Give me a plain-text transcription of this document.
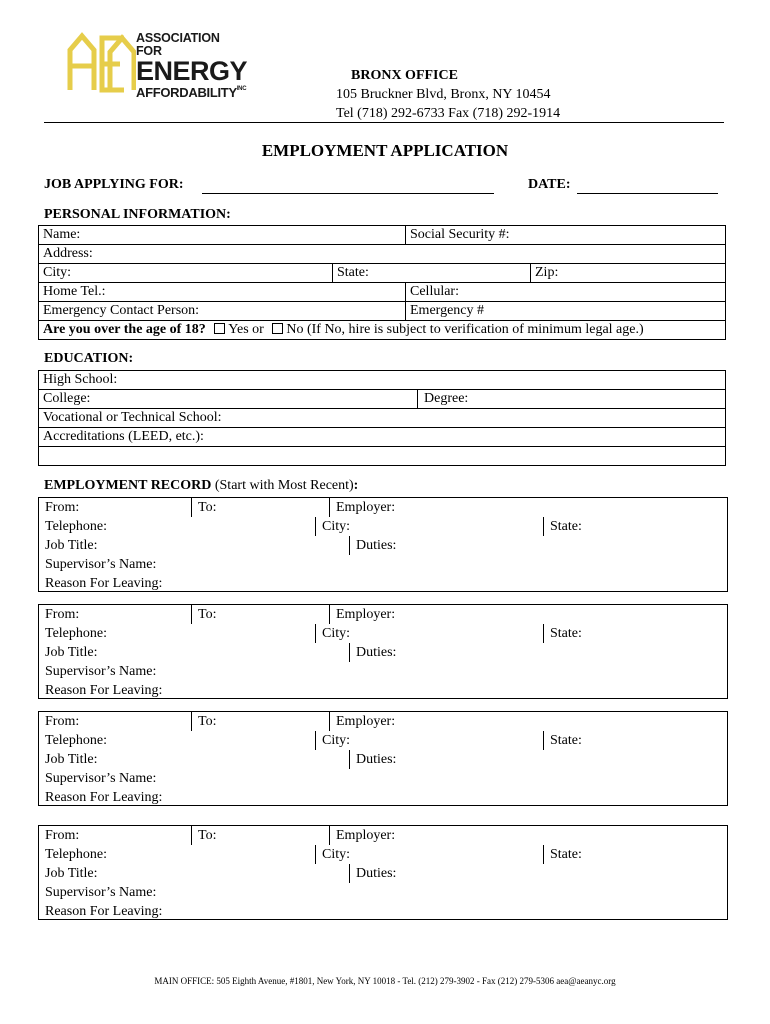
ASSOCIATION FOR
ENERGY
$AFFORDABILITY^{INC}$
BRONX OFFICE
105 Bruckner Blvd, Bronx, NY 10454
Tel (718) 292-6733 Fax (718) 292-1914
EMPLOYMENT APPLICATION
JOB APPLYING FOR:	DATE:
PERSONAL INFORMATION:
Name:	Social Security #:
Address:
City:	State:	Zip:
Home Tel.:	Cellular:
Emergency Contact Person:	Emergency #
Are you over the age of 18? Yes or No (If No, hire is subject to verification of minimum legal age.)
EDUCATION:
High School:
College:	Degree:
Vocational or Technical School:
Accreditations (LEED, etc.):
EMPLOYMENT RECORD (Start with Most Recent):
From:	To:	Employer:
Telephone:	City:	State:
Job Title:	Duties:
Supervisor’s Name:
Reason For Leaving:
From:	To:	Employer:
Telephone:	City:	State:
Job Title:	Duties:
Supervisor’s Name:
Reason For Leaving:
From:	To:	Employer:
Telephone:	City:	State:
Job Title:	Duties:
Supervisor’s Name:
Reason For Leaving:
From:	To:	Employer:
Telephone:	City:	State:
Job Title:	Duties:
Supervisor’s Name:
Reason For Leaving:
MAIN OFFICE: 505 Eighth Avenue, #1801, New York, NY 10018 - Tel. (212) 279-3902 - Fax (212) 279-5306 aea@aeanyc.org
